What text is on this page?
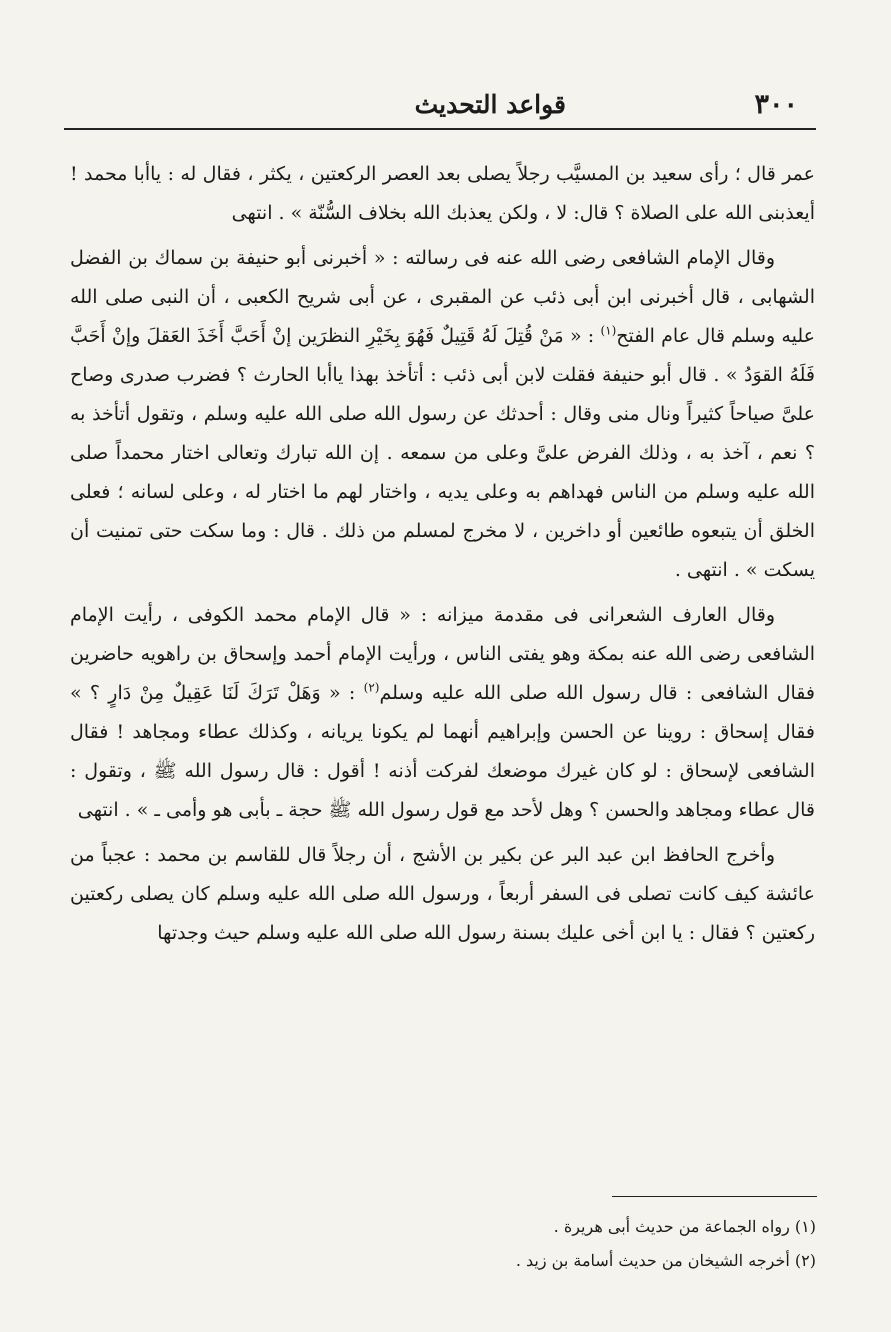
٣٠٠
قواعد التحديث

عمر قال ؛ رأى سعيد بن المسيَّب رجلاً يصلى بعد العصر الركعتين ، يكثر ، فقال له : ياأبا محمد ! أيعذبنى الله على الصلاة ؟ قال: لا ، ولكن يعذبك الله بخلاف السُّنّة » . انتهى

وقال الإمام الشافعى رضى الله عنه فى رسالته : « أخبرنى أبو حنيفة بن سماك بن الفضل الشهابى ، قال أخبرنى ابن أبى ذئب عن المقبرى ، عن أبى شريح الكعبى ، أن النبى صلى الله عليه وسلم قال عام الفتح$^{(١)}$ : « مَنْ قُتِلَ لَهُ قَتِيلٌ فَهُوَ بِخَيْرِ النظرَين إنْ أَحَبَّ أَخَذَ العَقلَ وإنْ أَحَبَّ فَلَهُ القوَدُ » . قال أبو حنيفة فقلت لابن أبى ذئب : أتأخذ بهذا ياأبا الحارث ؟ فضرب صدرى وصاح علىَّ صياحاً كثيراً ونال منى وقال : أحدثك عن رسول الله صلى الله عليه وسلم ، وتقول أتأخذ به ؟ نعم ، آخذ به ، وذلك الفرض علىَّ وعلى من سمعه . إن الله تبارك وتعالى اختار محمداً صلى الله عليه وسلم من الناس فهداهم به وعلى يديه ، واختار لهم ما اختار له ، وعلى لسانه ؛ فعلى الخلق أن يتبعوه طائعين أو داخرين ، لا مخرج لمسلم من ذلك . قال : وما سكت حتى تمنيت أن يسكت » . انتهى .

وقال العارف الشعرانى فى مقدمة ميزانه : « قال الإمام محمد الكوفى ، رأيت الإمام الشافعى رضى الله عنه بمكة وهو يفتى الناس ، ورأيت الإمام أحمد وإسحاق بن راهويه حاضرين فقال الشافعى : قال رسول الله صلى الله عليه وسلم$^{(٢)}$ : « وَهَلْ تَرَكَ لَنَا عَقِيلٌ مِنْ دَارٍ ؟ » فقال إسحاق : روينا عن الحسن وإبراهيم أنهما لم يكونا يريانه ، وكذلك عطاء ومجاهد ! فقال الشافعى لإسحاق : لو كان غيرك موضعك لفركت أذنه ! أقول : قال رسول الله ﷺ ، وتقول : قال عطاء ومجاهد والحسن ؟ وهل لأحد مع قول رسول الله ﷺ حجة ـ بأبى هو وأمى ـ » . انتهى

وأخرج الحافظ ابن عبد البر عن بكير بن الأشج ، أن رجلاً قال للقاسم بن محمد : عجباً من عائشة كيف كانت تصلى فى السفر أربعاً ، ورسول الله صلى الله عليه وسلم كان يصلى ركعتين ركعتين ؟ فقال : يا ابن أخى عليك بسنة رسول الله صلى الله عليه وسلم حيث وجدتها

(١) رواه الجماعة من حديث أبى هريرة .

(٢) أخرجه الشيخان من حديث أسامة بن زيد .
